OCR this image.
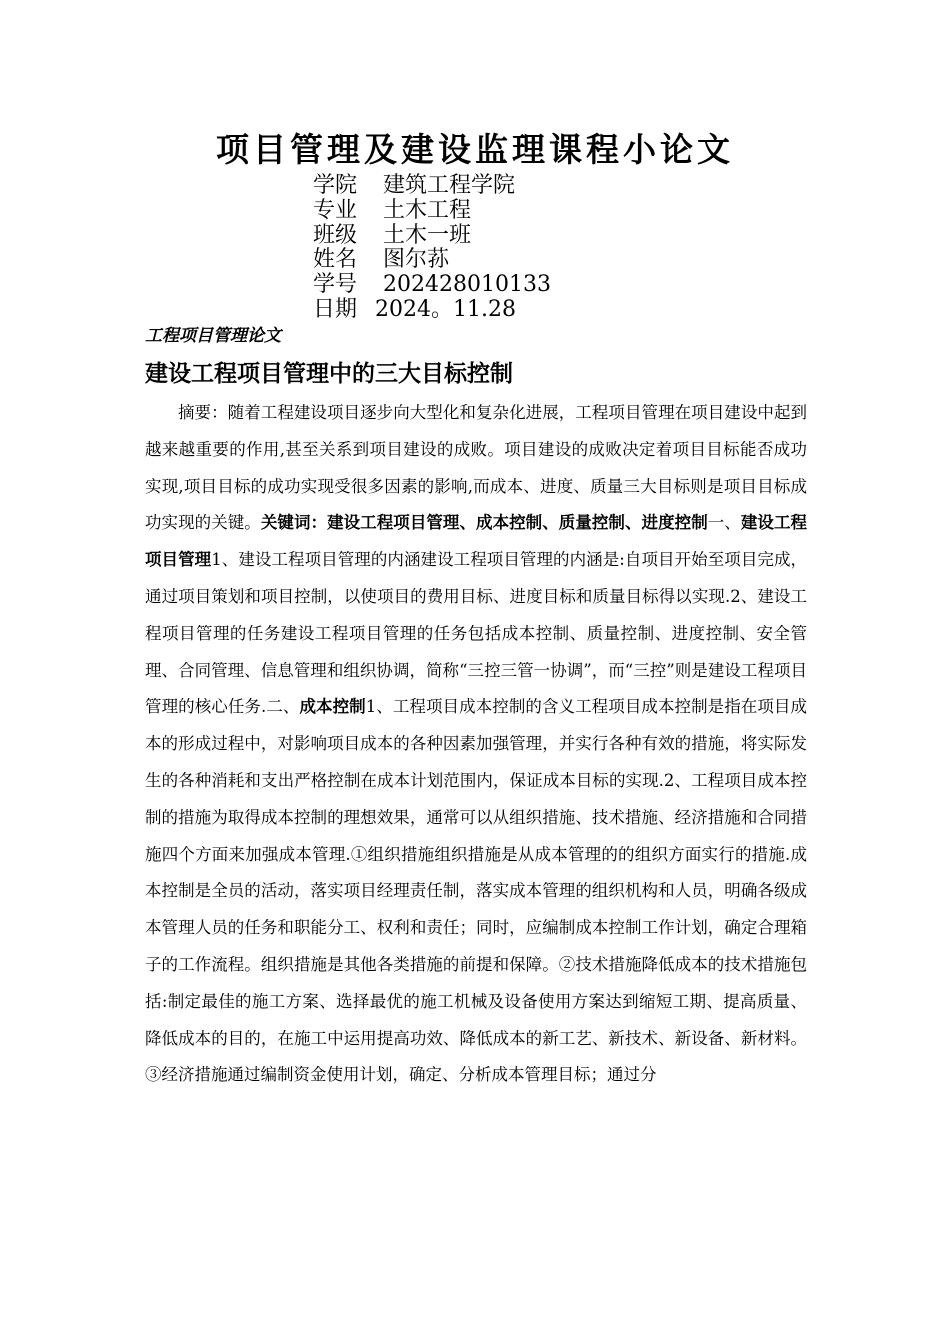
项目管理及建设监理课程小论文
学院 建筑工程学院
专业 土木工程
班级 土木一班
姓名 图尔荪
学号 202428010133
日期 2024。11.28
工程项目管理论文
建设工程项目管理中的三大目标控制
摘要：随着工程建设项目逐步向大型化和复杂化进展，工程项目管理在项目建设中起到越来越重要的作用,甚至关系到项目建设的成败。项目建设的成败决定着项目目标能否成功实现,项目目标的成功实现受很多因素的影响,而成本、进度、质量三大目标则是项目目标成功实现的关键。关键词：建设工程项目管理、成本控制、质量控制、进度控制一、建设工程项目管理1、建设工程项目管理的内涵建设工程项目管理的内涵是:自项目开始至项目完成，通过项目策划和项目控制，以使项目的费用目标、进度目标和质量目标得以实现.2、建设工程项目管理的任务建设工程项目管理的任务包括成本控制、质量控制、进度控制、安全管理、合同管理、信息管理和组织协调，简称“三控三管一协调”，而“三控”则是建设工程项目管理的核心任务.二、成本控制1、工程项目成本控制的含义工程项目成本控制是指在项目成本的形成过程中，对影响项目成本的各种因素加强管理，并实行各种有效的措施，将实际发生的各种消耗和支出严格控制在成本计划范围内，保证成本目标的实现.2、工程项目成本控制的措施为取得成本控制的理想效果，通常可以从组织措施、技术措施、经济措施和合同措施四个方面来加强成本管理.①组织措施组织措施是从成本管理的的组织方面实行的措施.成本控制是全员的活动，落实项目经理责任制，落实成本管理的组织机构和人员，明确各级成本管理人员的任务和职能分工、权利和责任；同时，应编制成本控制工作计划，确定合理箱子的工作流程。组织措施是其他各类措施的前提和保障。②技术措施降低成本的技术措施包括:制定最佳的施工方案、选择最优的施工机械及设备使用方案达到缩短工期、提高质量、降低成本的目的，在施工中运用提高功效、降低成本的新工艺、新技术、新设备、新材料。③经济措施通过编制资金使用计划，确定、分析成本管理目标；通过分
